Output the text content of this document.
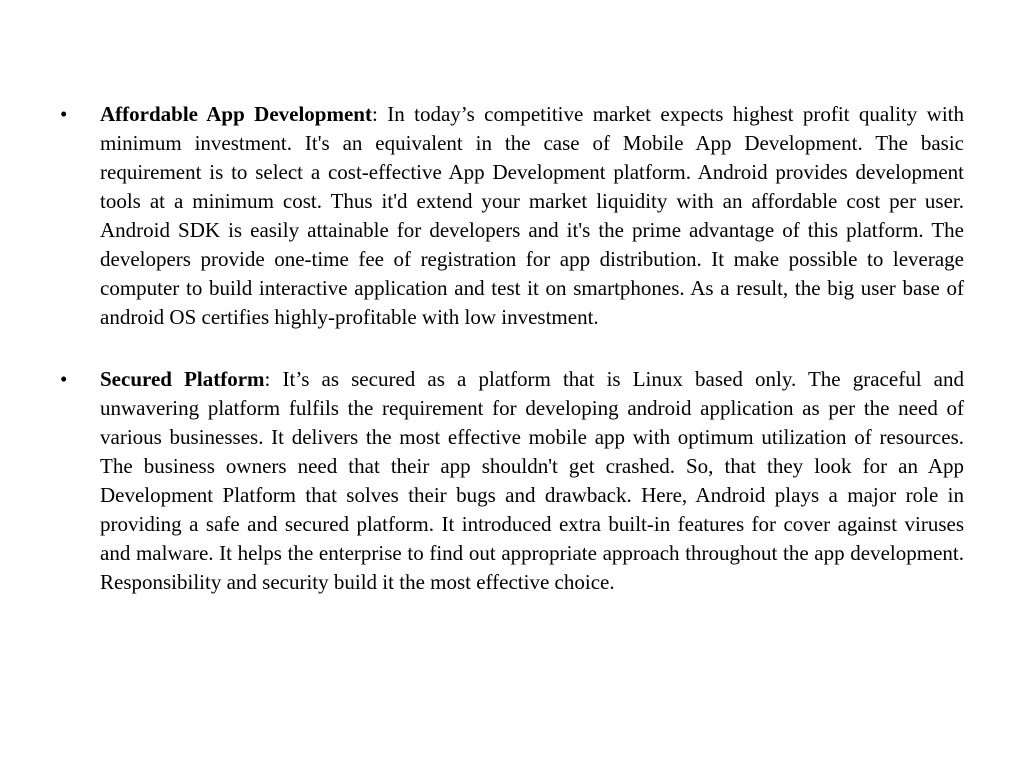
•	Affordable App Development: In today’s competitive market expects highest profit quality with minimum investment. It's an equivalent in the case of Mobile App Development. The basic requirement is to select a cost-effective App Development platform. Android provides development tools at a minimum cost. Thus it'd extend your market liquidity with an affordable cost per user. Android SDK is easily attainable for developers and it's the prime advantage of this platform. The developers provide one-time fee of registration for app distribution. It make possible to leverage computer to build interactive application and test it on smartphones. As a result, the big user base of android OS certifies highly-profitable with low investment.

•	Secured Platform: It’s as secured as a platform that is Linux based only. The graceful and unwavering platform fulfils the requirement for developing android application as per the need of various businesses. It delivers the most effective mobile app with optimum utilization of resources. The business owners need that their app shouldn't get crashed. So, that they look for an App Development Platform that solves their bugs and drawback. Here, Android plays a major role in providing a safe and secured platform. It introduced extra built-in features for cover against viruses and malware. It helps the enterprise to find out appropriate approach throughout the app development. Responsibility and security build it the most effective choice.
